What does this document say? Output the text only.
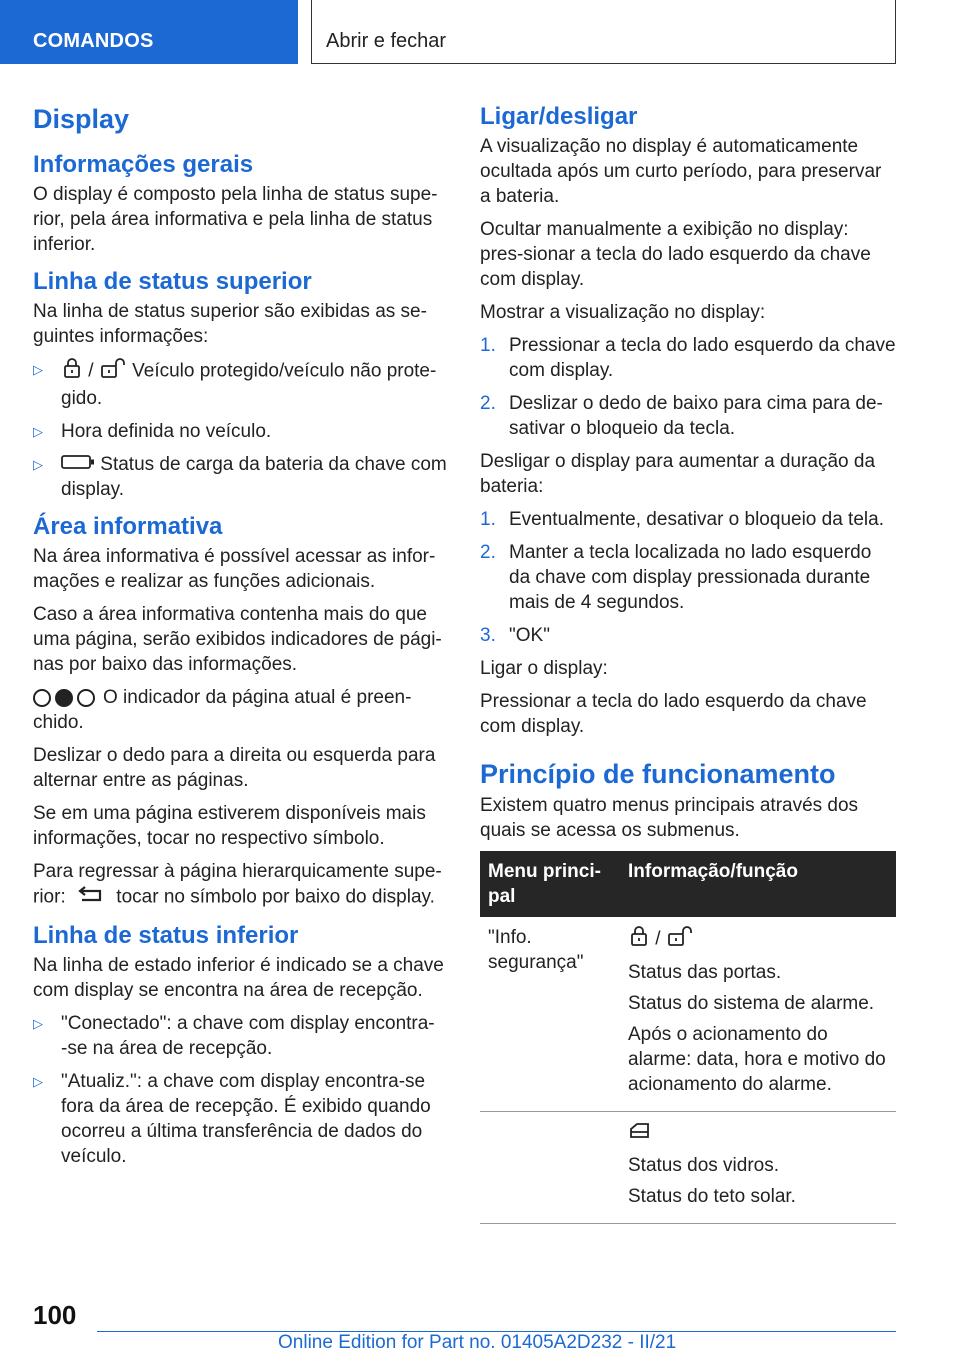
COMANDOS	Abrir e fechar
Display
Informações gerais

O display é composto pela linha de status supe-rior, pela área informativa e pela linha de status inferior.

Linha de status superior

Na linha de status superior são exibidas as se-guintes informações:

▷ /  Veículo protegido/veículo não prote-gido.
▷ Hora definida no veículo.
▷	Status de carga da bateria da chave com display.
Área informativa

Na área informativa é possível acessar as infor-mações e realizar as funções adicionais.

Caso a área informativa contenha mais do que uma página, serão exibidos indicadores de pági-nas por baixo das informações.

O indicador da página atual é preen-chido.

Deslizar o dedo para a direita ou esquerda para alternar entre as páginas.

Se em uma página estiverem disponíveis mais informações, tocar no respectivo símbolo.

Para regressar à página hierarquicamente supe-rior:	tocar no símbolo por baixo do display.

Linha de status inferior

Na linha de estado inferior é indicado se a chave com display se encontra na área de recepção.

▷ "Conectado": a chave com display encontra-‑se na área de recepção.
▷ "Atualiz.": a chave com display encontra-se fora da área de recepção. É exibido quando ocorreu a última transferência de dados do veículo.
Ligar/desligar

A visualização no display é automaticamente ocultada após um curto período, para preservar a bateria.

Ocultar manualmente a exibição no display: pres-sionar a tecla do lado esquerdo da chave com display.

Mostrar a visualização no display:

1. Pressionar a tecla do lado esquerdo da chave com display.
2. Deslizar o dedo de baixo para cima para de-sativar o bloqueio da tecla.

Desligar o display para aumentar a duração da bateria:

1. Eventualmente, desativar o bloqueio da tela.
2. Manter a tecla localizada no lado esquerdo da chave com display pressionada durante mais de 4 segundos.
3. "OK"

Ligar o display:

Pressionar a tecla do lado esquerdo da chave com display.

Princípio de funcionamento

Existem quatro menus principais através dos quais se acessa os submenus.

Menu princi-pal	Informação/função
"Info. segurança"	/

Status das portas.

Status do sistema de alarme.

Após o acionamento do alarme: data, hora e motivo do acionamento do alarme.

	Status dos vidros.

Status do teto solar.

100
Online Edition for Part no. 01405A2D232 - II/21
